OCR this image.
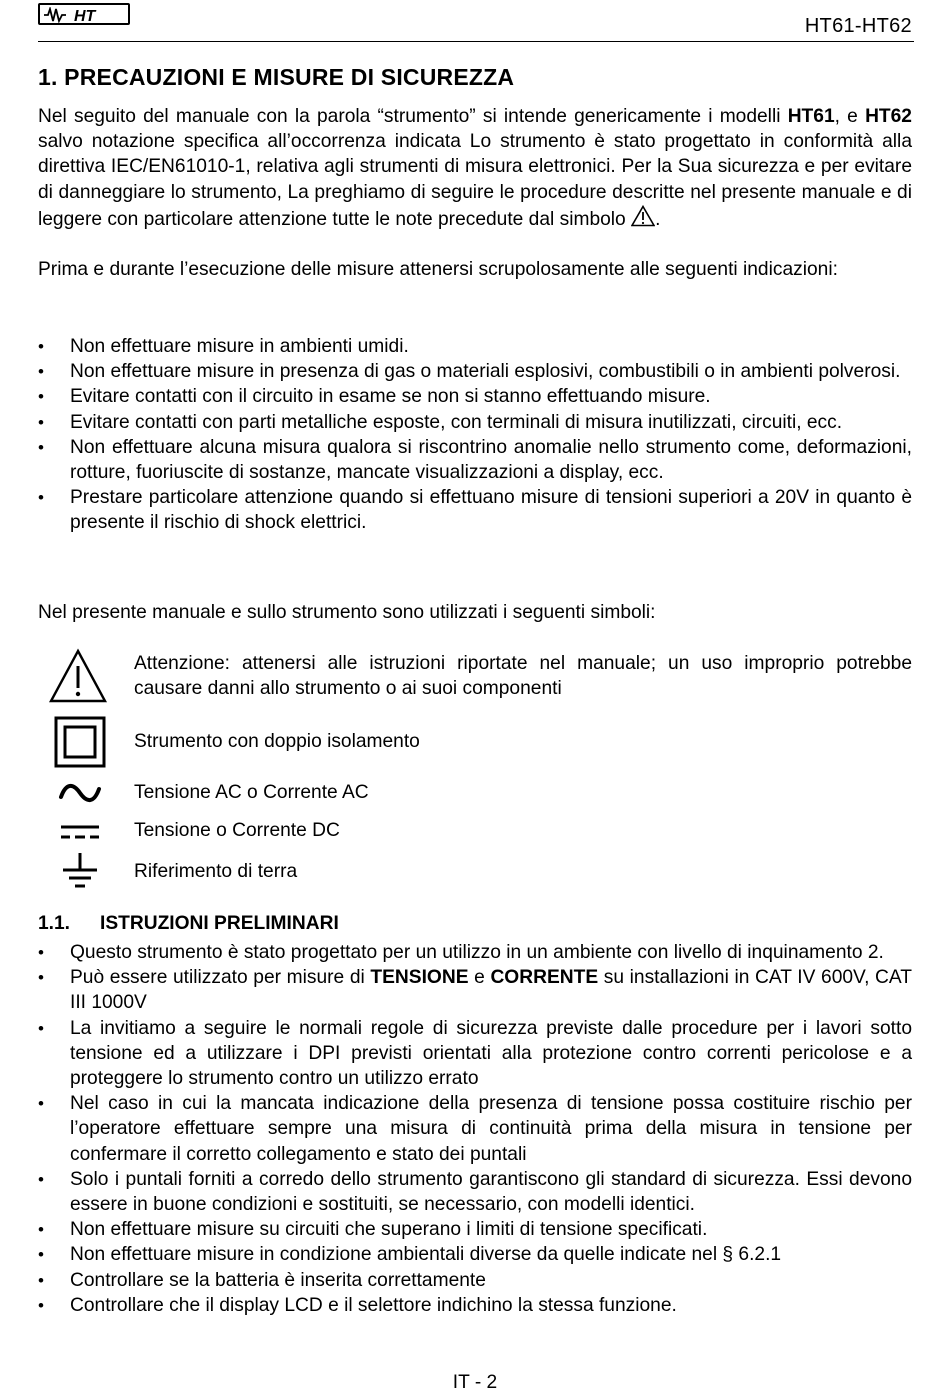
HT	HT61-HT62
1. PRECAUZIONI E MISURE DI SICUREZZA
Nel seguito del manuale con la parola “strumento” si intende genericamente i modelli HT61, e HT62 salvo notazione specifica all’occorrenza indicata Lo strumento è stato progettato in conformità alla direttiva IEC/EN61010-1, relativa agli strumenti di misura elettronici. Per la Sua sicurezza e per evitare di danneggiare lo strumento, La preghiamo di seguire le procedure descritte nel presente manuale e di leggere con particolare attenzione tutte le note precedute dal simbolo .
Prima e durante l’esecuzione delle misure attenersi scrupolosamente alle seguenti indicazioni:
• Non effettuare misure in ambienti umidi.
• Non effettuare misure in presenza di gas o materiali esplosivi, combustibili o in ambienti polverosi.
• Evitare contatti con il circuito in esame se non si stanno effettuando misure.
• Evitare contatti con parti metalliche esposte, con terminali di misura inutilizzati, circuiti, ecc.
• Non effettuare alcuna misura qualora si riscontrino anomalie nello strumento come, deformazioni, rotture, fuoriuscite di sostanze, mancate visualizzazioni a display, ecc.
• Prestare particolare attenzione quando si effettuano misure di tensioni superiori a 20V in quanto è presente il rischio di shock elettrici.
Nel presente manuale e sullo strumento sono utilizzati i seguenti simboli:
Attenzione: attenersi alle istruzioni riportate nel manuale; un uso improprio potrebbe causare danni allo strumento o ai suoi componenti
Strumento con doppio isolamento
Tensione AC o Corrente AC
Tensione o Corrente DC
Riferimento di terra
1.1. ISTRUZIONI PRELIMINARI
• Questo strumento è stato progettato per un utilizzo in un ambiente con livello di inquinamento 2.
• Può essere utilizzato per misure di TENSIONE e CORRENTE su installazioni in CAT IV 600V, CAT III 1000V
• La invitiamo a seguire le normali regole di sicurezza previste dalle procedure per i lavori sotto tensione ed a utilizzare i DPI previsti orientati alla protezione contro correnti pericolose e a proteggere lo strumento contro un utilizzo errato
• Nel caso in cui la mancata indicazione della presenza di tensione possa costituire rischio per l’operatore effettuare sempre una misura di continuità prima della misura in tensione per confermare il corretto collegamento e stato dei puntali
• Solo i puntali forniti a corredo dello strumento garantiscono gli standard di sicurezza. Essi devono essere in buone condizioni e sostituiti, se necessario, con modelli identici.
• Non effettuare misure su circuiti che superano i limiti di tensione specificati.
• Non effettuare misure in condizione ambientali diverse da quelle indicate nel § 6.2.1
• Controllare se la batteria è inserita correttamente
• Controllare che il display LCD e il selettore indichino la stessa funzione.
IT - 2
